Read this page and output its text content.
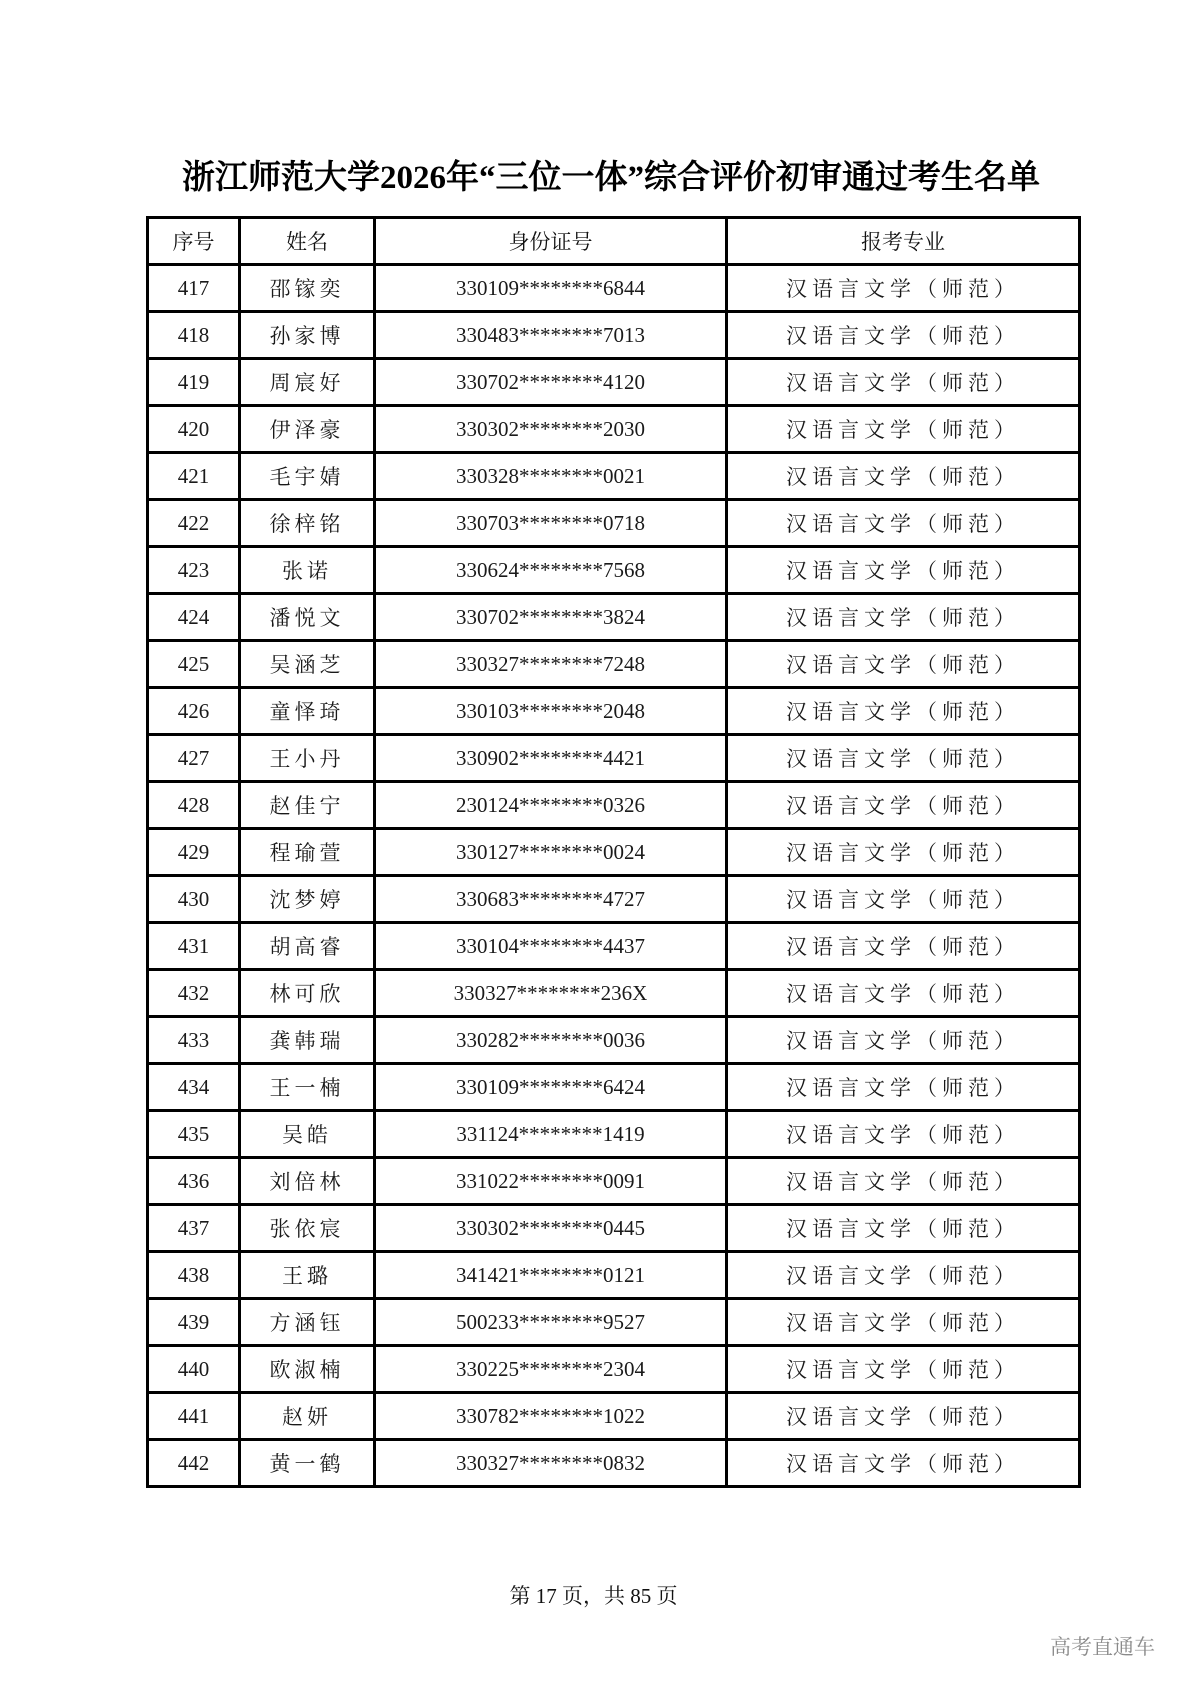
浙江师范大学2026年“三位一体”综合评价初审通过考生名单
序号	姓名	身份证号	报考专业
417	邵镓奕	330109********6844	汉语言文学（师范）
418	孙家博	330483********7013	汉语言文学（师范）
419	周宸好	330702********4120	汉语言文学（师范）
420	伊泽豪	330302********2030	汉语言文学（师范）
421	毛宇婧	330328********0021	汉语言文学（师范）
422	徐梓铭	330703********0718	汉语言文学（师范）
423	张诺	330624********7568	汉语言文学（师范）
424	潘悦文	330702********3824	汉语言文学（师范）
425	吴涵芝	330327********7248	汉语言文学（师范）
426	童怿琦	330103********2048	汉语言文学（师范）
427	王小丹	330902********4421	汉语言文学（师范）
428	赵佳宁	230124********0326	汉语言文学（师范）
429	程瑜萱	330127********0024	汉语言文学（师范）
430	沈梦婷	330683********4727	汉语言文学（师范）
431	胡高睿	330104********4437	汉语言文学（师范）
432	林可欣	330327********236X	汉语言文学（师范）
433	龚韩瑞	330282********0036	汉语言文学（师范）
434	王一楠	330109********6424	汉语言文学（师范）
435	吴皓	331124********1419	汉语言文学（师范）
436	刘倍林	331022********0091	汉语言文学（师范）
437	张依宸	330302********0445	汉语言文学（师范）
438	王璐	341421********0121	汉语言文学（师范）
439	方涵钰	500233********9527	汉语言文学（师范）
440	欧淑楠	330225********2304	汉语言文学（师范）
441	赵妍	330782********1022	汉语言文学（师范）
442	黄一鹤	330327********0832	汉语言文学（师范）
第 17 页，共 85 页
高考直通车
